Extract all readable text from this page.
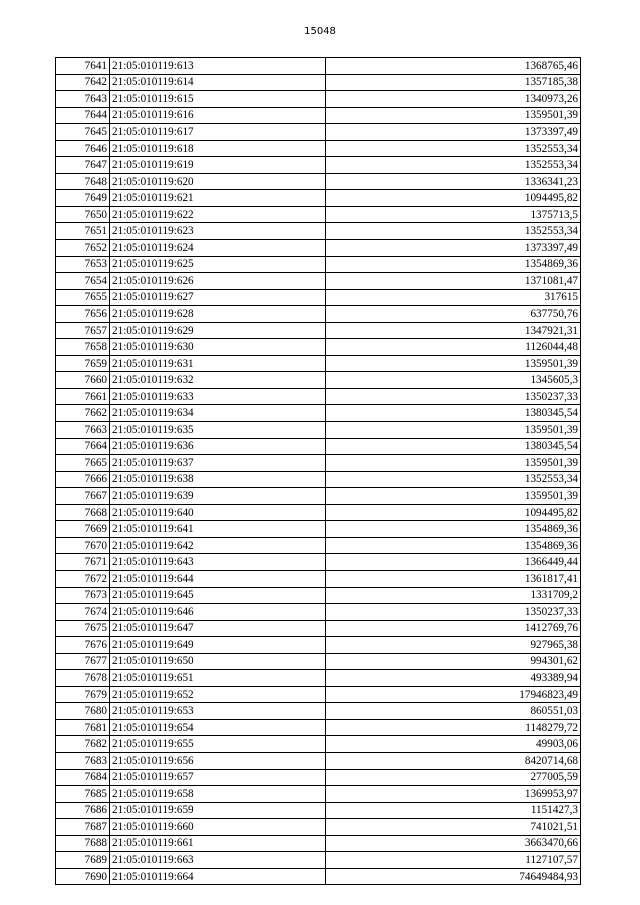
15048
7641	21:05:010119:613	1368765,46
7642	21:05:010119:614	1357185,38
7643	21:05:010119:615	1340973,26
7644	21:05:010119:616	1359501,39
7645	21:05:010119:617	1373397,49
7646	21:05:010119:618	1352553,34
7647	21:05:010119:619	1352553,34
7648	21:05:010119:620	1336341,23
7649	21:05:010119:621	1094495,82
7650	21:05:010119:622	1375713,5
7651	21:05:010119:623	1352553,34
7652	21:05:010119:624	1373397,49
7653	21:05:010119:625	1354869,36
7654	21:05:010119:626	1371081,47
7655	21:05:010119:627	317615
7656	21:05:010119:628	637750,76
7657	21:05:010119:629	1347921,31
7658	21:05:010119:630	1126044,48
7659	21:05:010119:631	1359501,39
7660	21:05:010119:632	1345605,3
7661	21:05:010119:633	1350237,33
7662	21:05:010119:634	1380345,54
7663	21:05:010119:635	1359501,39
7664	21:05:010119:636	1380345,54
7665	21:05:010119:637	1359501,39
7666	21:05:010119:638	1352553,34
7667	21:05:010119:639	1359501,39
7668	21:05:010119:640	1094495,82
7669	21:05:010119:641	1354869,36
7670	21:05:010119:642	1354869,36
7671	21:05:010119:643	1366449,44
7672	21:05:010119:644	1361817,41
7673	21:05:010119:645	1331709,2
7674	21:05:010119:646	1350237,33
7675	21:05:010119:647	1412769,76
7676	21:05:010119:649	927965,38
7677	21:05:010119:650	994301,62
7678	21:05:010119:651	493389,94
7679	21:05:010119:652	17946823,49
7680	21:05:010119:653	860551,03
7681	21:05:010119:654	1148279,72
7682	21:05:010119:655	49903,06
7683	21:05:010119:656	8420714,68
7684	21:05:010119:657	277005,59
7685	21:05:010119:658	1369953,97
7686	21:05:010119:659	1151427,3
7687	21:05:010119:660	741021,51
7688	21:05:010119:661	3663470,66
7689	21:05:010119:663	1127107,57
7690	21:05:010119:664	74649484,93
